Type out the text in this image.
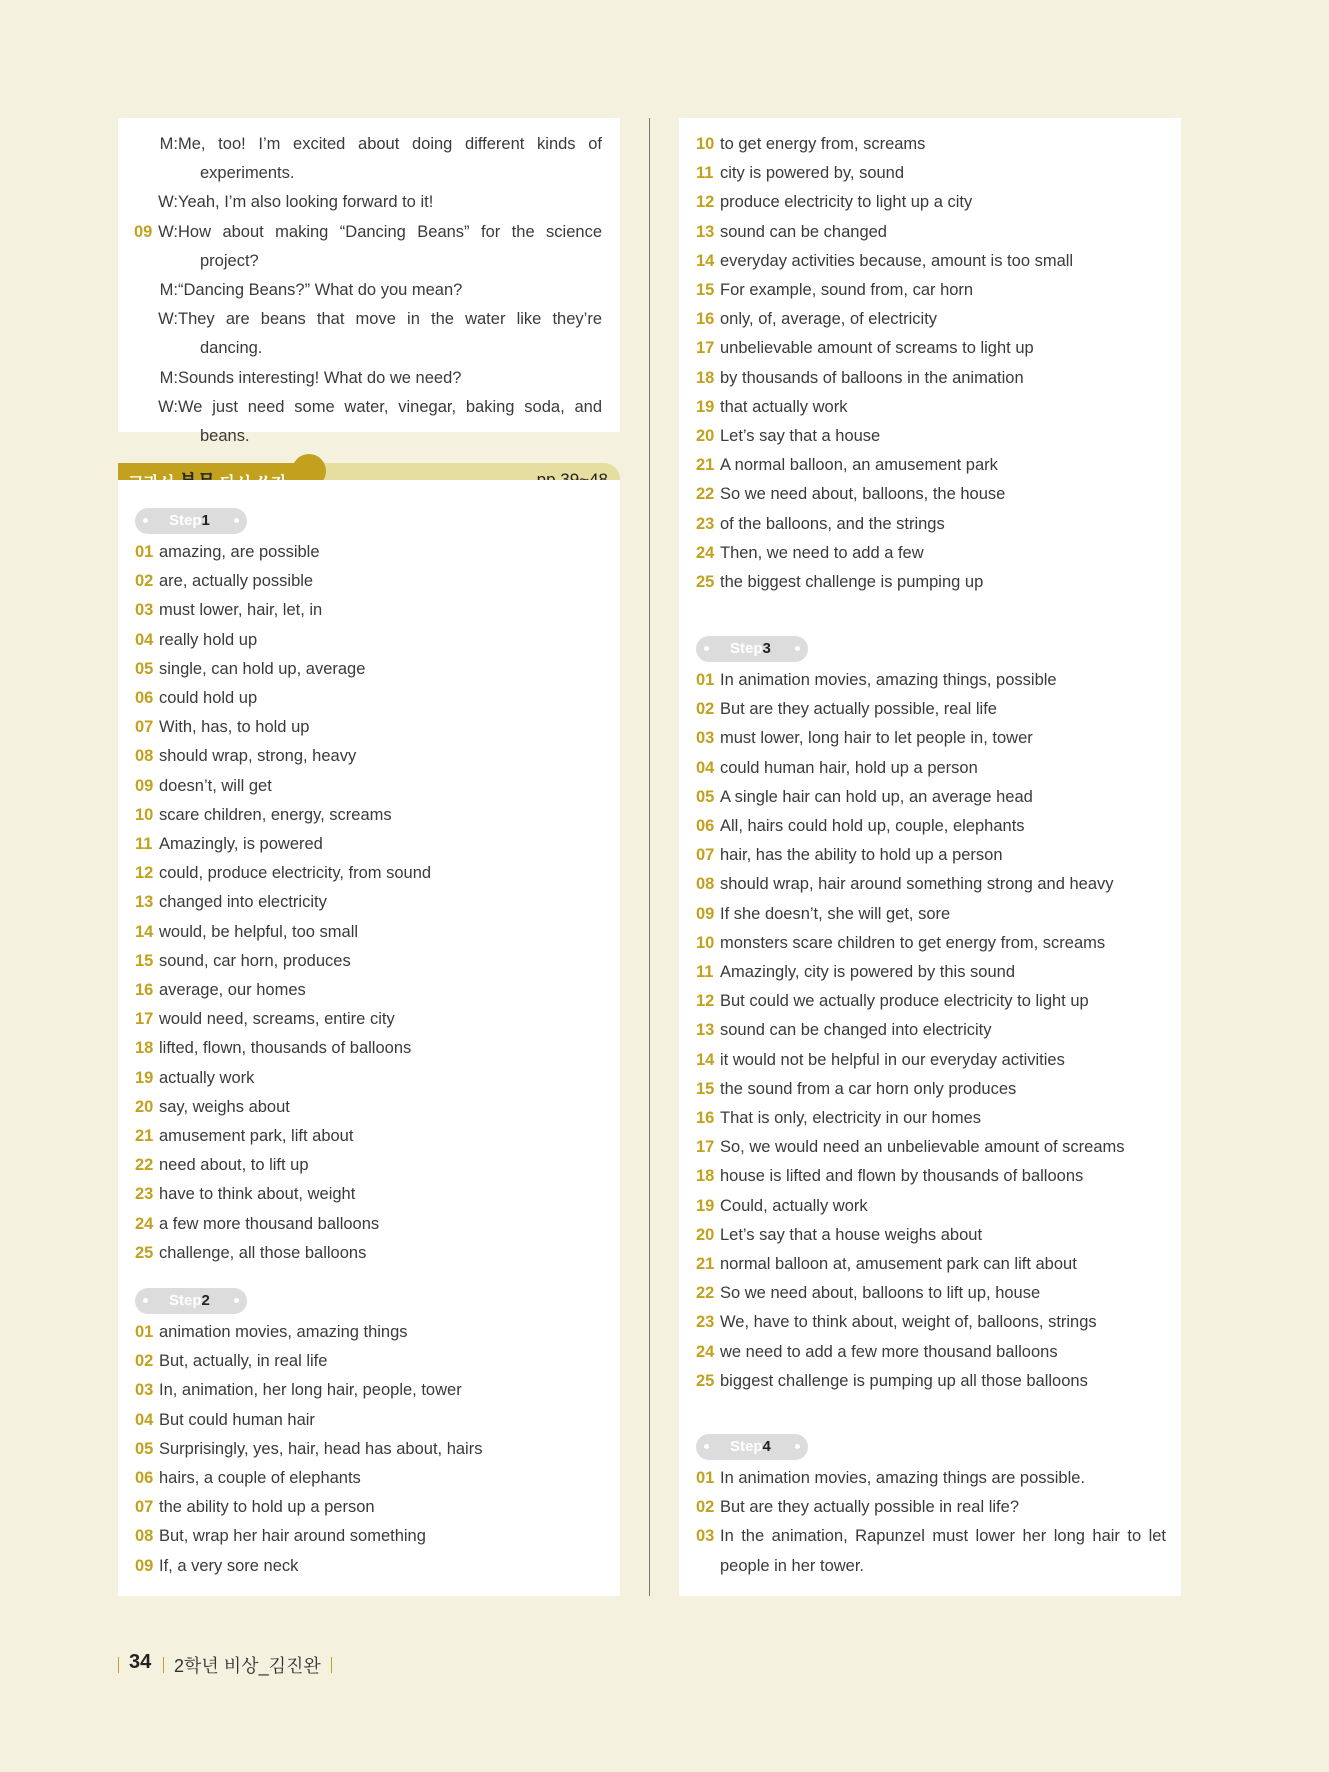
M: Me, too! I’m excited about doing different kinds of experiments.
W: Yeah, I’m also looking forward to it!
09 W: How about making “Dancing Beans” for the science project?
M: “Dancing Beans?” What do you mean?
W: They are beans that move in the water like they’re dancing.
M: Sounds interesting! What do we need?
W: We just need some water, vinegar, baking soda, and beans.
Step1
01 amazing, are possible
02 are, actually possible
03 must lower, hair, let, in
04 really hold up
05 single, can hold up, average
06 could hold up
07 With, has, to hold up
08 should wrap, strong, heavy
09 doesn’t, will get
10 scare children, energy, screams
11 Amazingly, is powered
12 could, produce electricity, from sound
13 changed into electricity
14 would, be helpful, too small
15 sound, car horn, produces
16 average, our homes
17 would need, screams, entire city
18 lifted, flown, thousands of balloons
19 actually work
20 say, weighs about
21 amusement park, lift about
22 need about, to lift up
23 have to think about, weight
24 a few more thousand balloons
25 challenge, all those balloons
Step2
01 animation movies, amazing things
02 But, actually, in real life
03 In, animation, her long hair, people, tower
04 But could human hair
05 Surprisingly, yes, hair, head has about, hairs
06 hairs, a couple of elephants
07 the ability to hold up a person
08 But, wrap her hair around something
09 If, a very sore neck
10 to get energy from, screams
11 city is powered by, sound
12 produce electricity to light up a city
13 sound can be changed
14 everyday activities because, amount is too small
15 For example, sound from, car horn
16 only, of, average, of electricity
17 unbelievable amount of screams to light up
18 by thousands of balloons in the animation
19 that actually work
20 Let’s say that a house
21 A normal balloon, an amusement park
22 So we need about, balloons, the house
23 of the balloons, and the strings
24 Then, we need to add a few
25 the biggest challenge is pumping up
Step3
01 In animation movies, amazing things, possible
02 But are they actually possible, real life
03 must lower, long hair to let people in, tower
04 could human hair, hold up a person
05 A single hair can hold up, an average head
06 All, hairs could hold up, couple, elephants
07 hair, has the ability to hold up a person
08 should wrap, hair around something strong and heavy
09 If she doesn’t, she will get, sore
10 monsters scare children to get energy from, screams
11 Amazingly, city is powered by this sound
12 But could we actually produce electricity to light up
13 sound can be changed into electricity
14 it would not be helpful in our everyday activities
15 the sound from a car horn only produces
16 That is only, electricity in our homes
17 So, we would need an unbelievable amount of screams
18 house is lifted and flown by thousands of balloons
19 Could, actually work
20 Let’s say that a house weighs about
21 normal balloon at, amusement park can lift about
22 So we need about, balloons to lift up, house
23 We, have to think about, weight of, balloons, strings
24 we need to add a few more thousand balloons
25 biggest challenge is pumping up all those balloons
Step4
01 In animation movies, amazing things are possible.
02 But are they actually possible in real life?
03 In the animation, Rapunzel must lower her long hair to let people in her tower.
34 2학년 비상_김진완
